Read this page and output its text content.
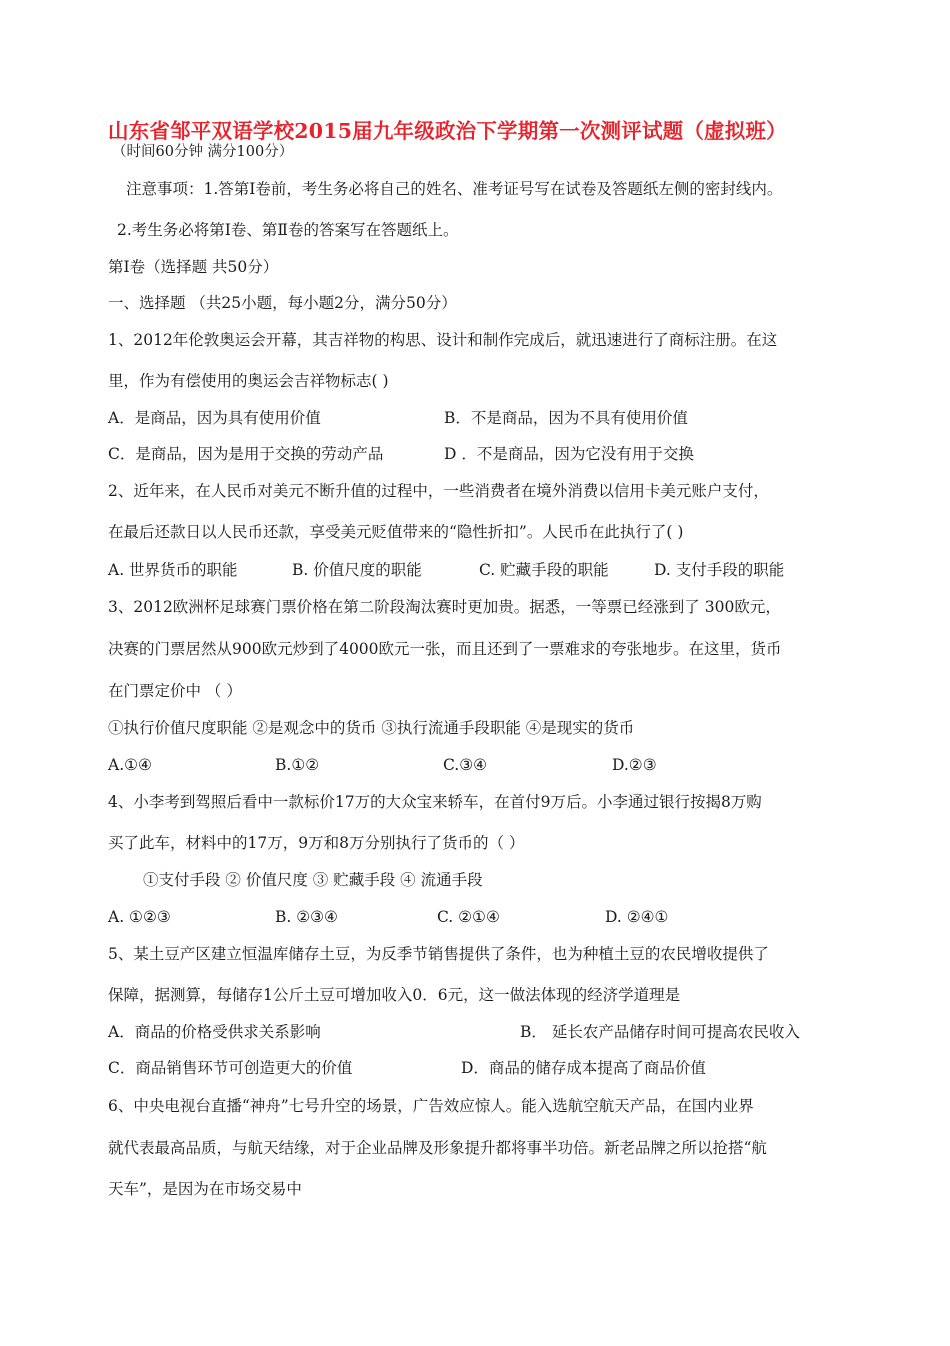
山东省邹平双语学校2015届九年级政治下学期第一次测评试题（虚拟班）
（时间60分钟 满分100分）
注意事项：1.答第Ⅰ卷前，考生务必将自己的姓名、准考证号写在试卷及答题纸左侧的密封线内。
2.考生务必将第Ⅰ卷、第Ⅱ卷的答案写在答题纸上。
第Ⅰ卷（选择题 共50分）
一、选择题 （共25小题，每小题2分，满分50分）
1、2012年伦敦奥运会开幕，其吉祥物的构思、设计和制作完成后，就迅速进行了商标注册。在这
里，作为有偿使用的奥运会吉祥物标志( )
A．是商品，因为具有使用价值	B．不是商品，因为不具有使用价值
C．是商品，因为是用于交换的劳动产品	D ．不是商品，因为它没有用于交换
2、近年来，在人民币对美元不断升值的过程中，一些消费者在境外消费以信用卡美元账户支付，
在最后还款日以人民币还款，享受美元贬值带来的“隐性折扣”。人民币在此执行了( )
A. 世界货币的职能	B. 价值尺度的职能	C. 贮藏手段的职能	D. 支付手段的职能
3、2012欧洲杯足球赛门票价格在第二阶段淘汰赛时更加贵。据悉，一等票已经涨到了 300欧元，
决赛的门票居然从900欧元炒到了4000欧元一张，而且还到了一票难求的夸张地步。在这里，货币
在门票定价中 （ ）
①执行价值尺度职能 ②是观念中的货币 ③执行流通手段职能 ④是现实的货币
A.①④	B.①②	C.③④	D.②③
4、小李考到驾照后看中一款标价17万的大众宝来轿车，在首付9万后。小李通过银行按揭8万购
买了此车，材料中的17万，9万和8万分别执行了货币的（ ）
①支付手段 ② 价值尺度 ③ 贮藏手段 ④ 流通手段
A. ①②③	B. ②③④	C. ②①④	D. ②④①
5、某土豆产区建立恒温库储存土豆，为反季节销售提供了条件，也为种植土豆的农民增收提供了
保障，据测算，每储存1公斤土豆可增加收入0．6元，这一做法体现的经济学道理是
A．商品的价格受供求关系影响	B． 延长农产品储存时间可提高农民收入
C．商品销售环节可创造更大的价值	D．商品的储存成本提高了商品价值
6、中央电视台直播“神舟”七号升空的场景，广告效应惊人。能入选航空航天产品，在国内业界
就代表最高品质，与航天结缘，对于企业品牌及形象提升都将事半功倍。新老品牌之所以抢搭“航
天车”，是因为在市场交易中
